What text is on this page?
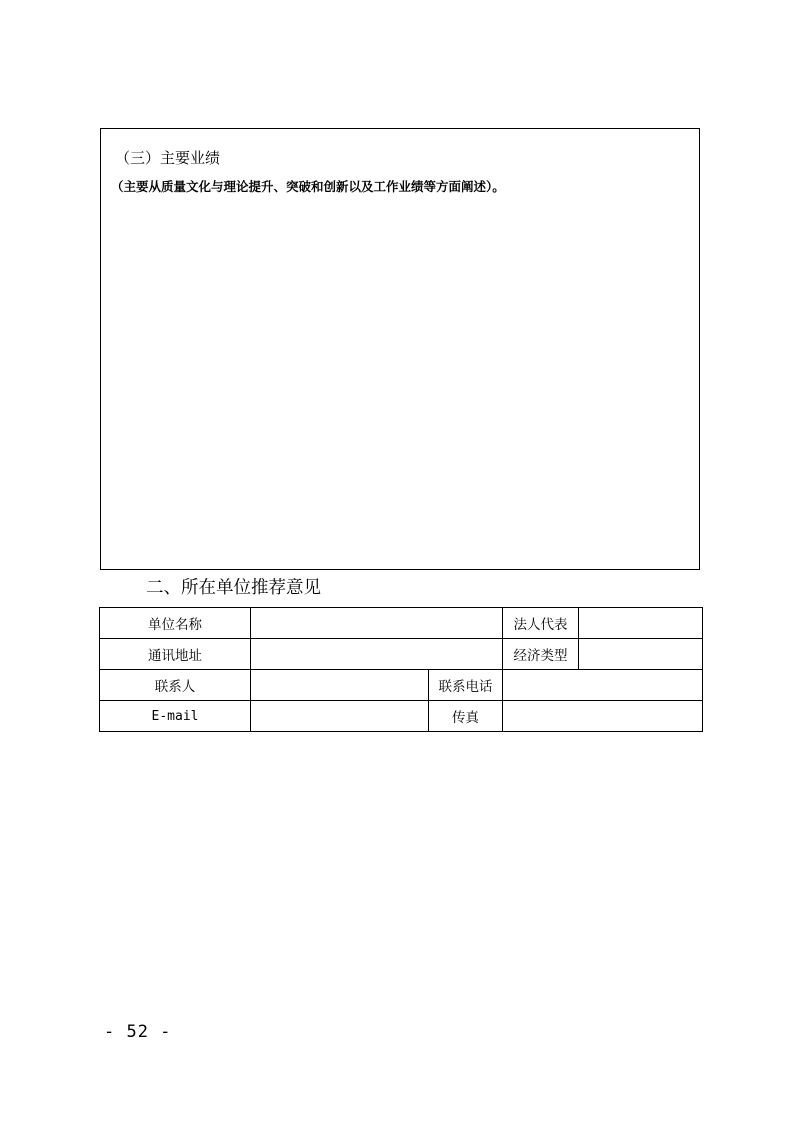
（三）主要业绩
（主要从质量文化与理论提升、突破和创新以及工作业绩等方面阐述）。
二、所在单位推荐意见
单位名称			法人代表	
通讯地址			经济类型	
联系人		联系电话		
E-mail		传真		
- 52 -
